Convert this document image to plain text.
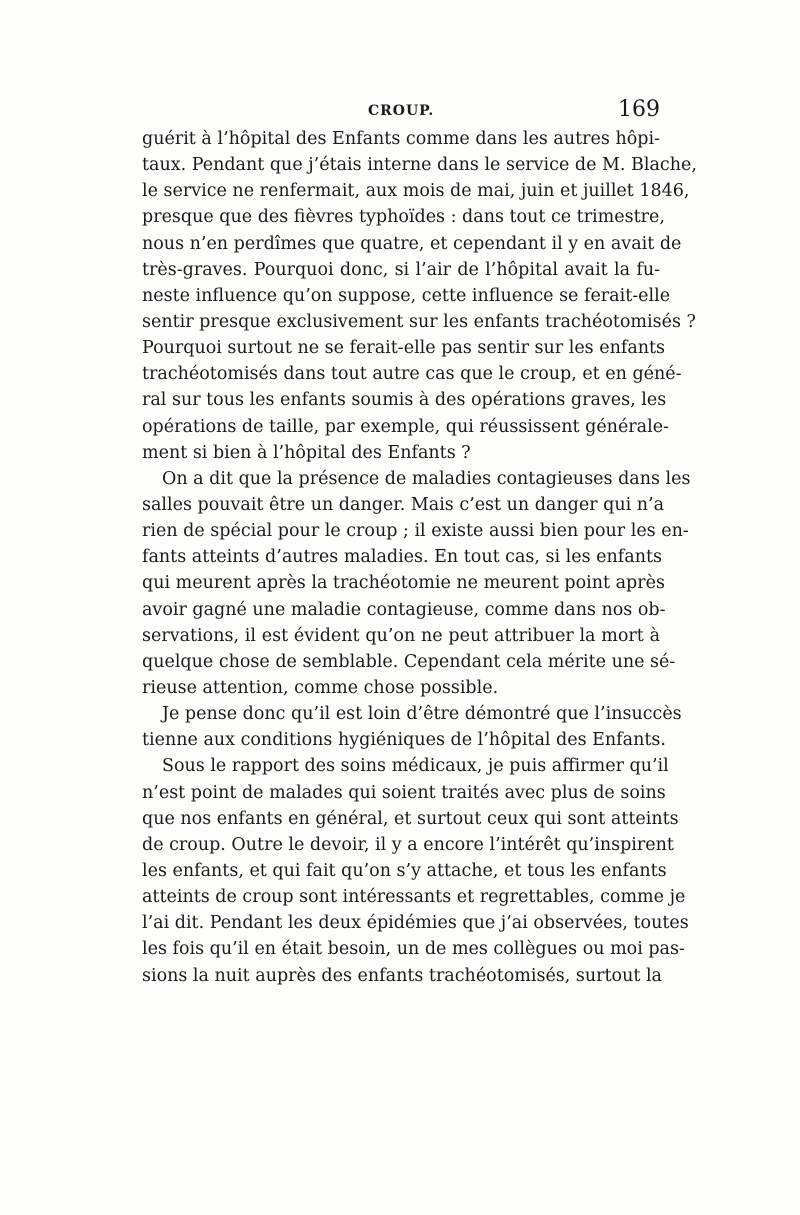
CROUP.	169
guérit à l’hôpital des Enfants comme dans les autres hôpi-
taux. Pendant que j’étais interne dans le service de M. Blache,
le service ne renfermait, aux mois de mai, juin et juillet 1846,
presque que des fièvres typhoïdes : dans tout ce trimestre,
nous n’en perdîmes que quatre, et cependant il y en avait de
très-graves. Pourquoi donc, si l’air de l’hôpital avait la fu-
neste influence qu’on suppose, cette influence se ferait-elle
sentir presque exclusivement sur les enfants trachéotomisés ?
Pourquoi surtout ne se ferait-elle pas sentir sur les enfants
trachéotomisés dans tout autre cas que le croup, et en géné-
ral sur tous les enfants soumis à des opérations graves, les
opérations de taille, par exemple, qui réussissent générale-
ment si bien à l’hôpital des Enfants ?
On a dit que la présence de maladies contagieuses dans les
salles pouvait être un danger. Mais c’est un danger qui n’a
rien de spécial pour le croup ; il existe aussi bien pour les en-
fants atteints d’autres maladies. En tout cas, si les enfants
qui meurent après la trachéotomie ne meurent point après
avoir gagné une maladie contagieuse, comme dans nos ob-
servations, il est évident qu’on ne peut attribuer la mort à
quelque chose de semblable. Cependant cela mérite une sé-
rieuse attention, comme chose possible.
Je pense donc qu’il est loin d’être démontré que l’insuccès
tienne aux conditions hygiéniques de l’hôpital des Enfants.
Sous le rapport des soins médicaux, je puis affirmer qu’il
n’est point de malades qui soient traités avec plus de soins
que nos enfants en général, et surtout ceux qui sont atteints
de croup. Outre le devoir, il y a encore l’intérêt qu’inspirent
les enfants, et qui fait qu’on s’y attache, et tous les enfants
atteints de croup sont intéressants et regrettables, comme je
l’ai dit. Pendant les deux épidémies que j’ai observées, toutes
les fois qu’il en était besoin, un de mes collègues ou moi pas-
sions la nuit auprès des enfants trachéotomisés, surtout la
